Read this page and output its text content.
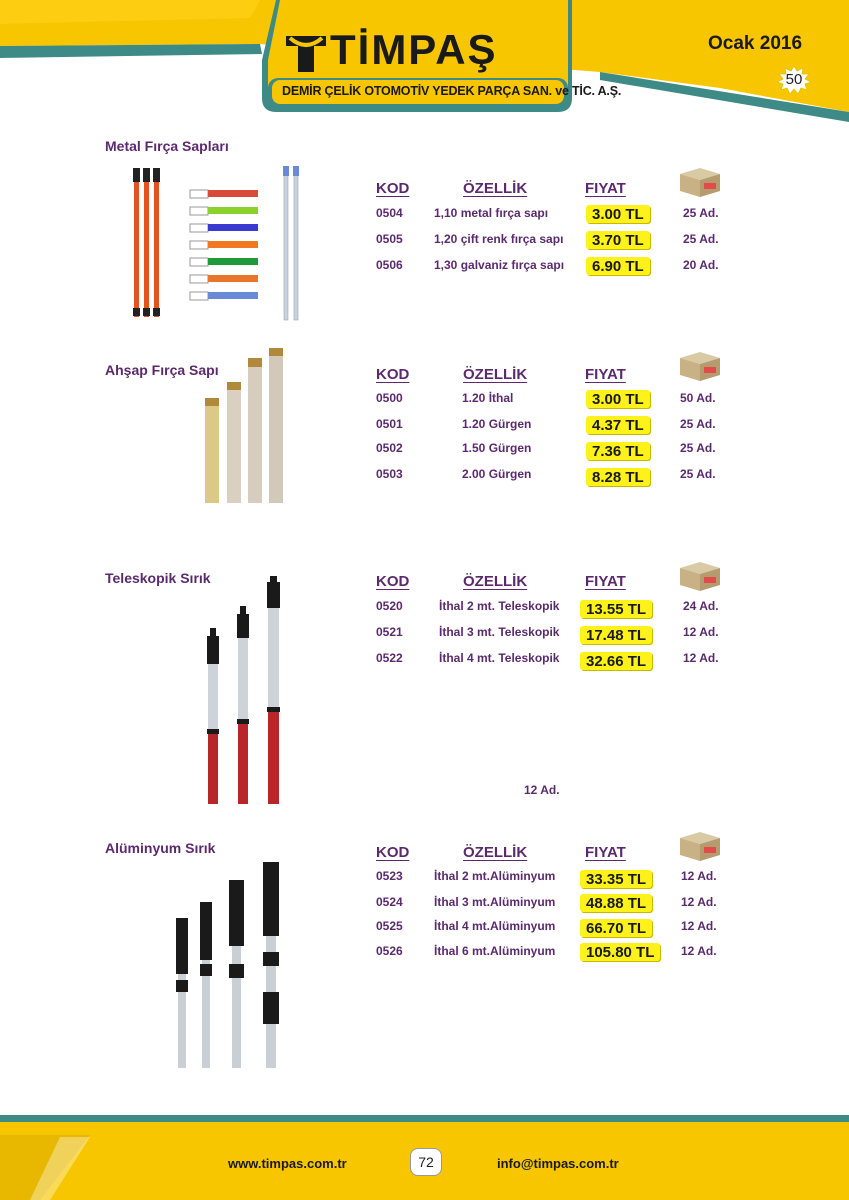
TİMPAŞ
DEMİR ÇELİK OTOMOTİV YEDEK PARÇA SAN. ve TİC. A.Ş.
Ocak 2016
50
Metal Fırça Sapları
KOD	ÖZELLİK	FIYAT
0504	1,10 metal fırça sapı	3.00 TL	25 Ad.
0505	1,20 çift renk fırça sapı	3.70 TL	25 Ad.
0506	1,30 galvaniz fırça sapı	6.90 TL	20 Ad.
Ahşap Fırça Sapı	KOD	ÖZELLİK	FIYAT
0500	1.20 İthal	3.00 TL	50 Ad.
0501	1.20 Gürgen	4.37 TL	25 Ad.
0502	1.50 Gürgen	7.36 TL	25 Ad.
0503	2.00 Gürgen	8.28 TL	25 Ad.
Teleskopik Sırık	KOD	ÖZELLİK	FIYAT
0520	İthal 2 mt. Teleskopik	13.55 TL	24 Ad.
0521	İthal 3 mt. Teleskopik	17.48 TL	12 Ad.
0522	İthal 4 mt. Teleskopik	32.66 TL	12 Ad.
12 Ad.
Alüminyum Sırık	KOD	ÖZELLİK	FIYAT
0523	İthal 2 mt.Alüminyum	33.35 TL	12 Ad.
0524	İthal 3 mt.Alüminyum	48.88 TL	12 Ad.
0525	İthal 4 mt.Alüminyum	66.70 TL	12 Ad.
0526	İthal 6 mt.Alüminyum	105.80 TL	12 Ad.
www.timpas.com.tr	72	info@timpas.com.tr
